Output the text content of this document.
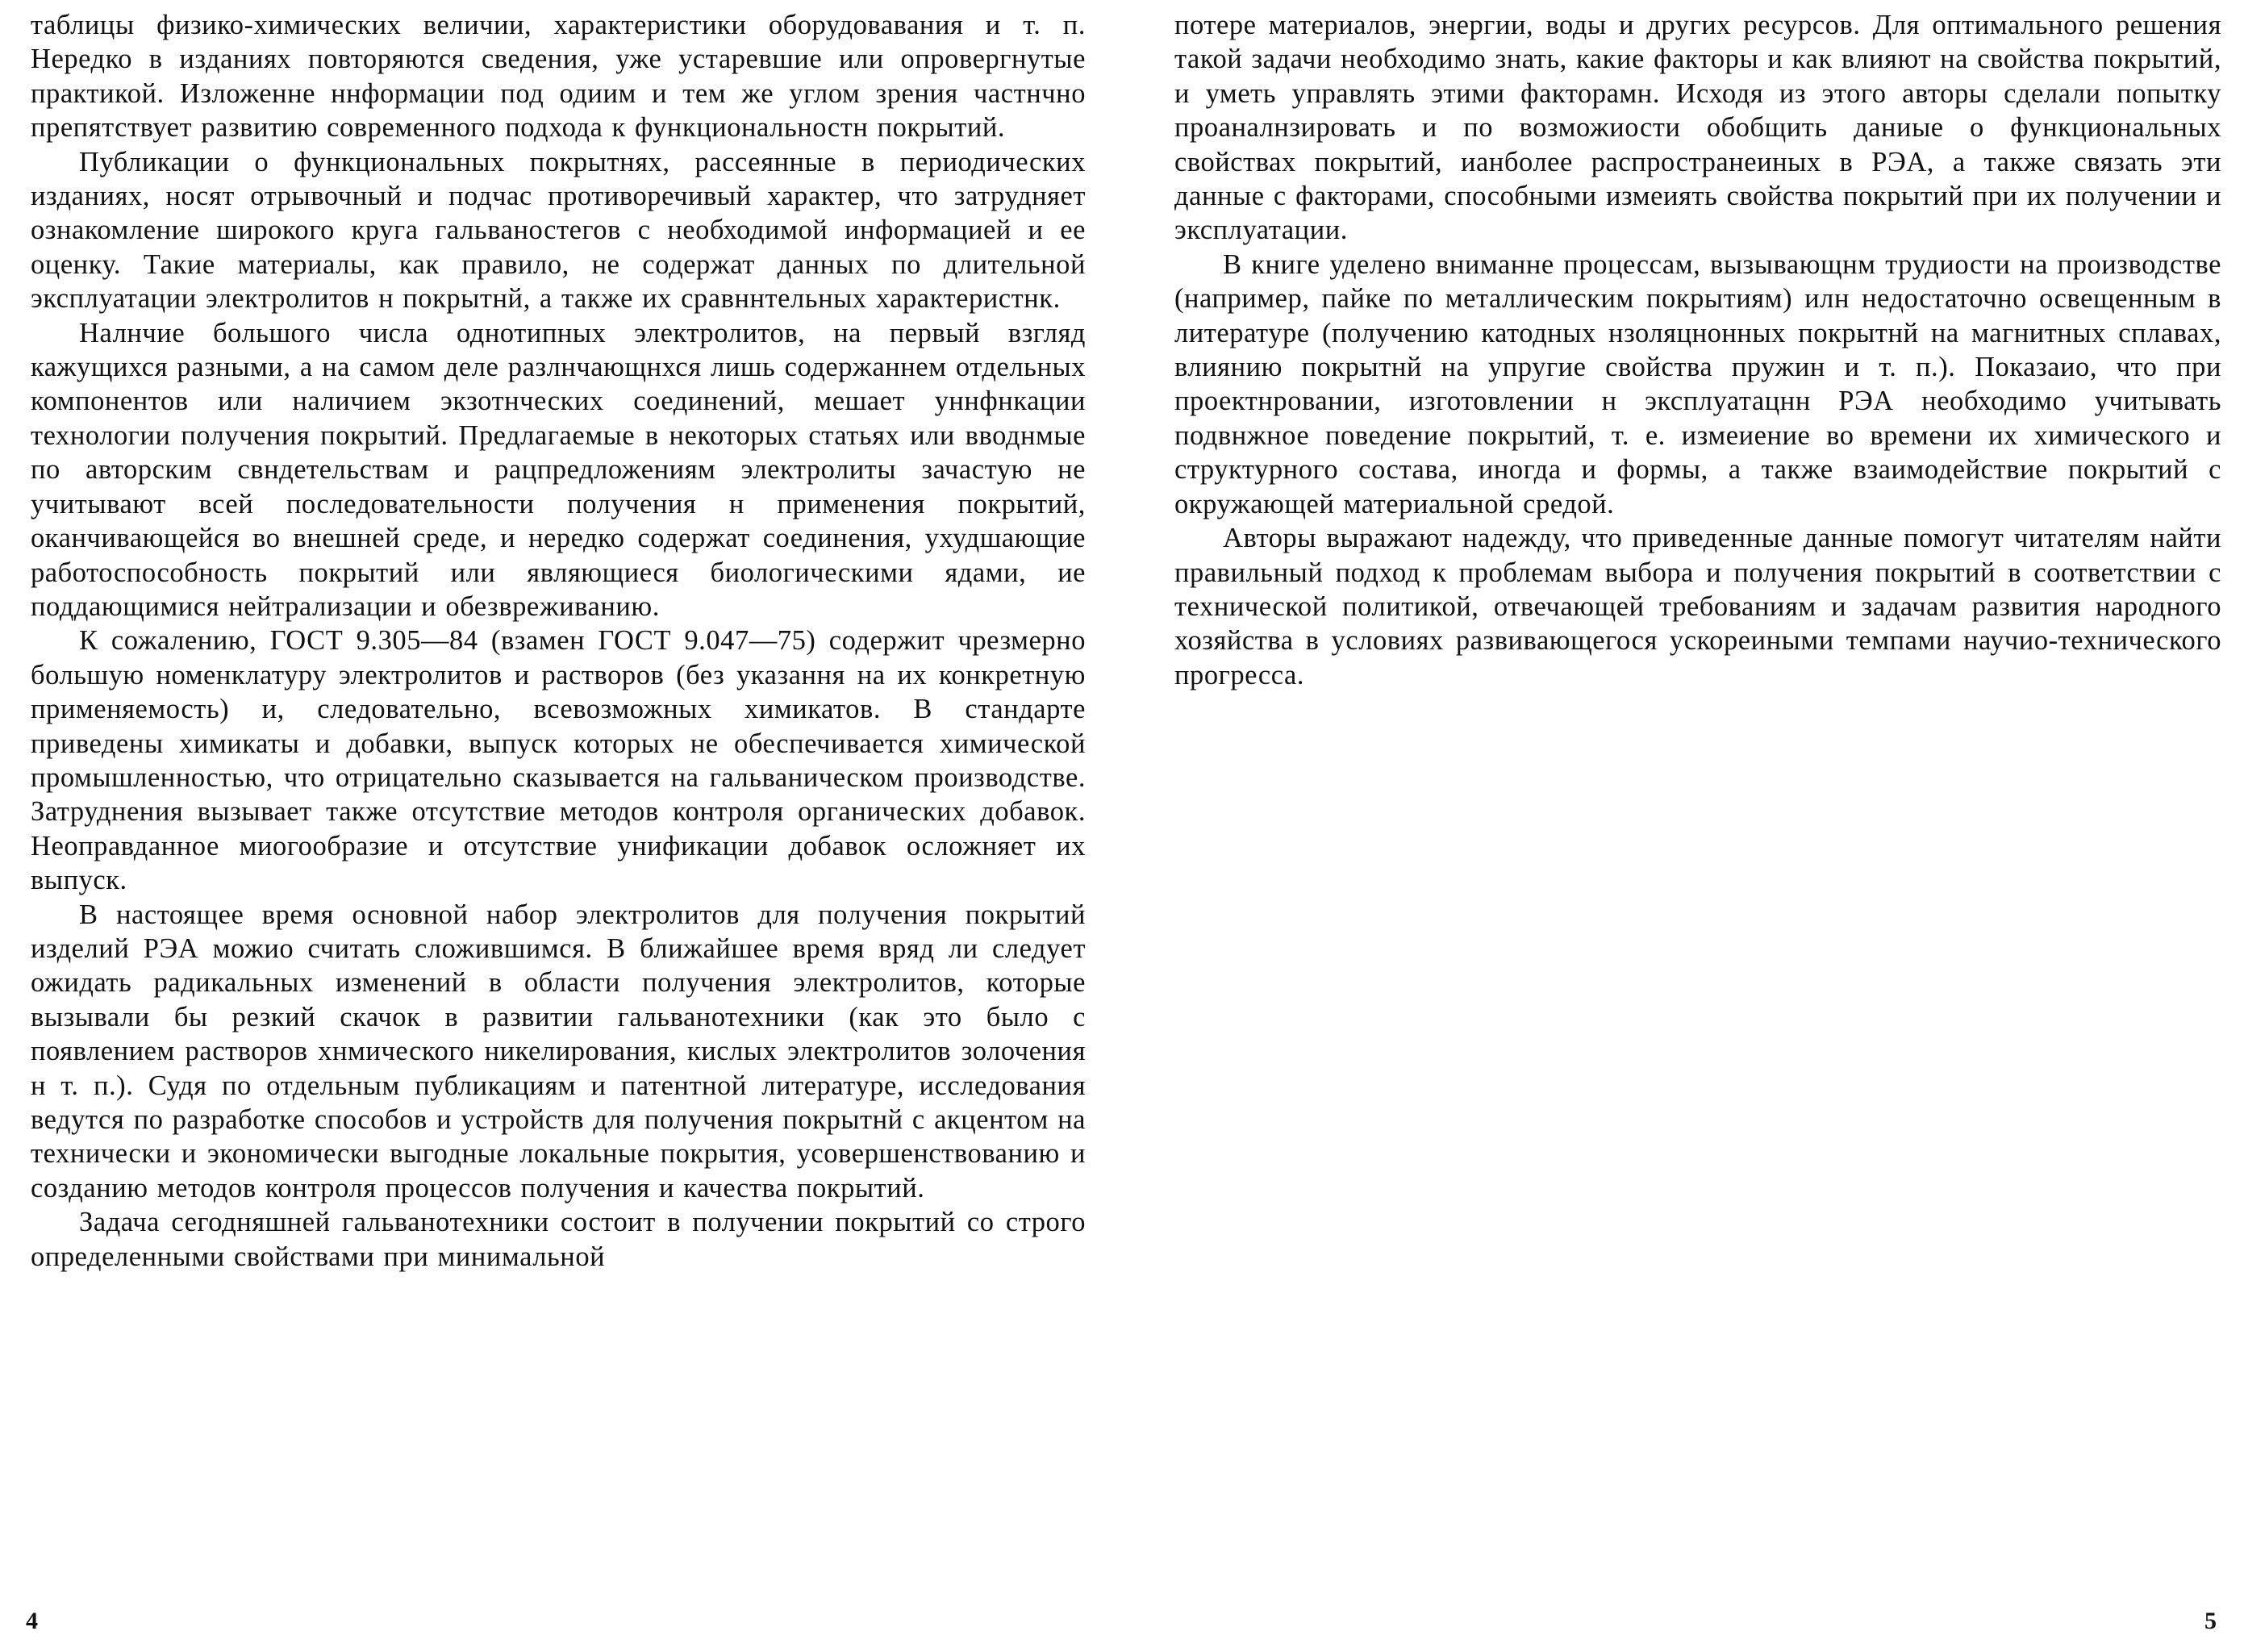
таблицы физико-химических величии, характеристики оборудовавания и т. п. Нередко в изданиях повторяются сведения, уже устаревшие или опровергнутые практикой. Изложенне ннформации под одиим и тем же углом зрения частнчно препятствует развитию современного подхода к функциональностн покрытий.

Публикации о функциональных покрытнях, рассеянные в периодических изданиях, носят отрывочный и подчас противоречивый характер, что затрудняет ознакомление широкого круга гальваностегов с необходимой информацией и ее оценку. Такие материалы, как правило, не содержат данных по длительной эксплуатации электролитов н покрытнй, а также их сравннтельных характеристнк.

Налнчие большого числа однотипных электролитов, на первый взгляд кажущихся разными, а на самом деле разлнчающнхся лишь содержаннем отдельных компонентов или наличием экзотнческих соединений, мешает уннфнкации технологии получения покрытий. Предлагаемые в некоторых статьях или вводнмые по авторским свндетельствам и рацпредложениям электролиты зачастую не учитывают всей последовательности получения н применения покрытий, оканчивающейся во внешней среде, и нередко содержат соединения, ухудшающие работоспособность покрытий или являющиеся биологическими ядами, ие поддающимися нейтрализации и обезвреживанию.

К сожалению, ГОСТ 9.305—84 (взамен ГОСТ 9.047—75) содержит чрезмерно большую номенклатуру электролитов и растворов (без указання на их конкретную применяемость) и, следовательно, всевозможных химикатов. В стандарте приведены химикаты и добавки, выпуск которых не обеспечивается химической промышленностью, что отрицательно сказывается на гальваническом производстве. Затруднения вызывает также отсутствие методов контроля органических добавок. Неоправданное миогообразие и отсутствие унификации добавок осложняет их выпуск.

В настоящее время основной набор электролитов для получения покрытий изделий РЭА можио считать сложившимся. В ближайшее время вряд ли следует ожидать радикальных изменений в области получения электролитов, которые вызывали бы резкий скачок в развитии гальванотехники (как это было с появлением растворов хнмического никелирования, кислых электролитов золочения н т. п.). Судя по отдельным публикациям и патентной литературе, исследования ведутся по разработке способов и устройств для получения покрытнй с акцентом на технически и экономически выгодные локальные покрытия, усовершенствованию и созданию методов контроля процессов получения и качества покрытий.

Задача сегодняшней гальванотехники состоит в получении покрытий со строго определенными свойствами при минимальной

4

потере материалов, энергии, воды и других ресурсов. Для оптимального решения такой задачи необходимо знать, какие факторы и как влияют на свойства покрытий, и уметь управлять этими факторамн. Исходя из этого авторы сделали попытку проаналнзировать и по возможиости обобщить даниые о функциональных свойствах покрытий, ианболее распространеиных в РЭА, а также связать эти данные с факторами, способными измеиять свойства покрытий при их получении и эксплуатации.

В книге уделено вниманне процессам, вызывающнм трудиости на производстве (например, пайке по металлическим покрытиям) илн недостаточно освещенным в литературе (получению катодных нзоляцнонных покрытнй на магнитных сплавах, влиянию покрытнй на упругие свойства пружин и т. п.). Показаио, что при проектнровании, изготовлении н эксплуатацнн РЭА необходимо учитывать подвнжное поведение покрытий, т. е. измеиение во времени их химического и структурного состава, иногда и формы, а также взаимодействие покрытий с окружающей материальной средой.

Авторы выражают надежду, что приведенные данные помогут читателям найти правильный подход к проблемам выбора и получения покрытий в соответствии с технической политикой, отвечающей требованиям и задачам развития народного хозяйства в условиях развивающегося ускореиными темпами научио-технического прогресса.

5
